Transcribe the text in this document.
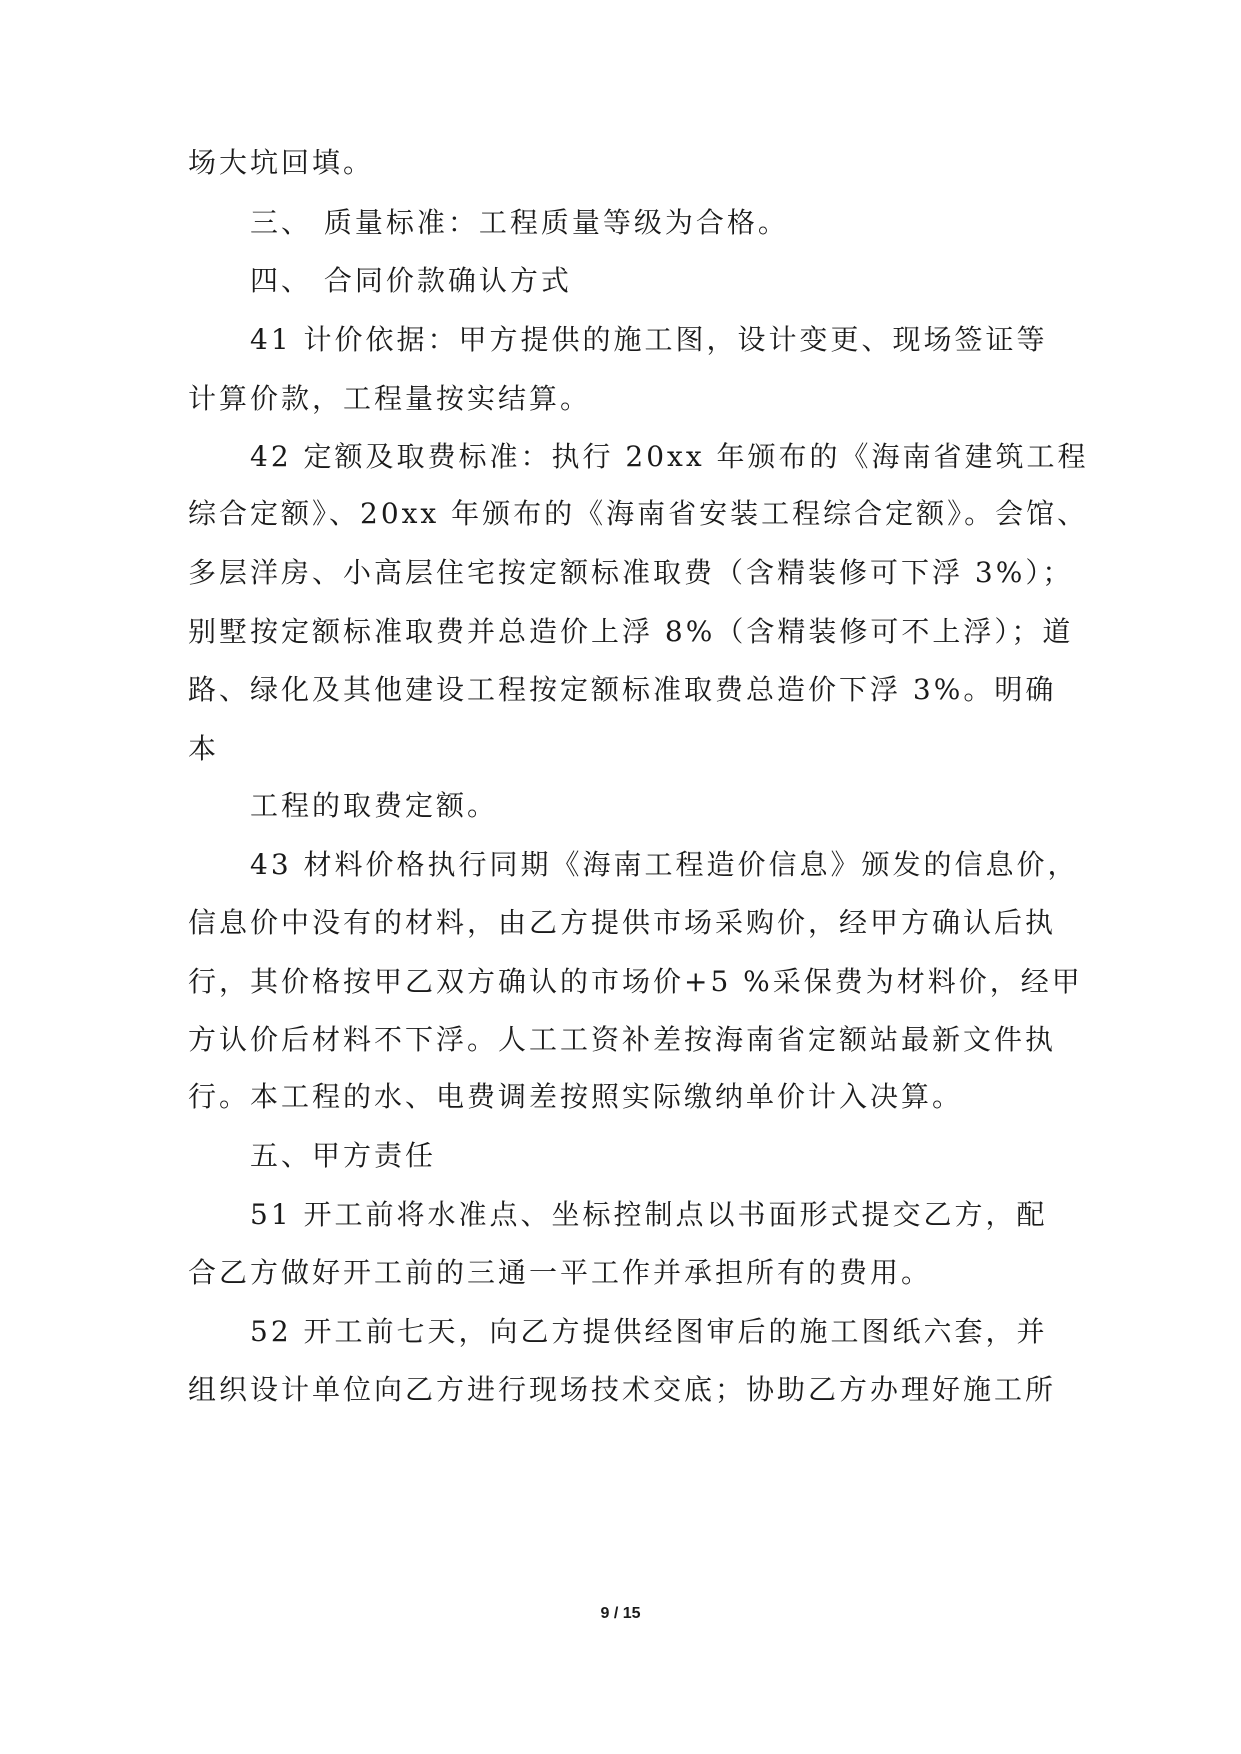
场大坑回填。
三、 质量标准：工程质量等级为合格。
四、 合同价款确认方式
41 计价依据：甲方提供的施工图，设计变更、现场签证等
计算价款，工程量按实结算。
42 定额及取费标准：执行 20xx 年颁布的《海南省建筑工程
综合定额》、20xx 年颁布的《海南省安装工程综合定额》。会馆、
多层洋房、小高层住宅按定额标准取费（含精装修可下浮 3%）；
别墅按定额标准取费并总造价上浮 8%（含精装修可不上浮）；道
路、绿化及其他建设工程按定额标准取费总造价下浮 3%。明确
本
工程的取费定额。
43 材料价格执行同期《海南工程造价信息》颁发的信息价，
信息价中没有的材料，由乙方提供市场采购价，经甲方确认后执
行，其价格按甲乙双方确认的市场价+5 %采保费为材料价，经甲
方认价后材料不下浮。人工工资补差按海南省定额站最新文件执
行。本工程的水、电费调差按照实际缴纳单价计入决算。
五、甲方责任
51 开工前将水准点、坐标控制点以书面形式提交乙方，配
合乙方做好开工前的三通一平工作并承担所有的费用。
52 开工前七天，向乙方提供经图审后的施工图纸六套，并
组织设计单位向乙方进行现场技术交底；协助乙方办理好施工所
9 / 15
